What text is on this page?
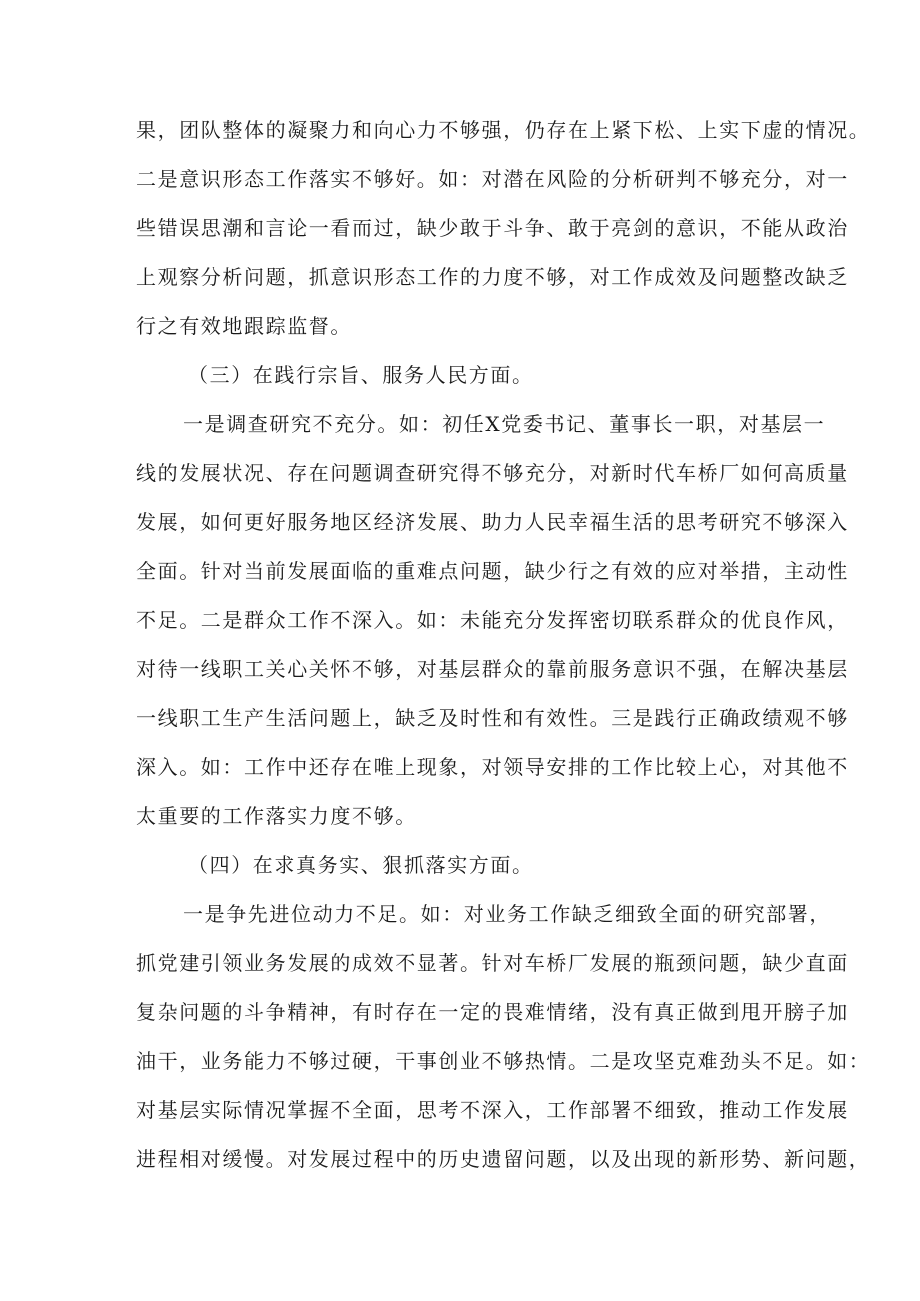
果，团队整体的凝聚力和向心力不够强，仍存在上紧下松、上实下虚的情况。
二是意识形态工作落实不够好。如：对潜在风险的分析研判不够充分，对一
些错误思潮和言论一看而过，缺少敢于斗争、敢于亮剑的意识，不能从政治
上观察分析问题，抓意识形态工作的力度不够，对工作成效及问题整改缺乏
行之有效地跟踪监督。
（三）在践行宗旨、服务人民方面。
一是调查研究不充分。如：初任X党委书记、董事长一职，对基层一
线的发展状况、存在问题调查研究得不够充分，对新时代车桥厂如何高质量
发展，如何更好服务地区经济发展、助力人民幸福生活的思考研究不够深入
全面。针对当前发展面临的重难点问题，缺少行之有效的应对举措，主动性
不足。二是群众工作不深入。如：未能充分发挥密切联系群众的优良作风，
对待一线职工关心关怀不够，对基层群众的靠前服务意识不强，在解决基层
一线职工生产生活问题上，缺乏及时性和有效性。三是践行正确政绩观不够
深入。如：工作中还存在唯上现象，对领导安排的工作比较上心，对其他不
太重要的工作落实力度不够。
（四）在求真务实、狠抓落实方面。
一是争先进位动力不足。如：对业务工作缺乏细致全面的研究部署，
抓党建引领业务发展的成效不显著。针对车桥厂发展的瓶颈问题，缺少直面
复杂问题的斗争精神，有时存在一定的畏难情绪，没有真正做到甩开膀子加
油干，业务能力不够过硬，干事创业不够热情。二是攻坚克难劲头不足。如：
对基层实际情况掌握不全面，思考不深入，工作部署不细致，推动工作发展
进程相对缓慢。对发展过程中的历史遗留问题，以及出现的新形势、新问题，
